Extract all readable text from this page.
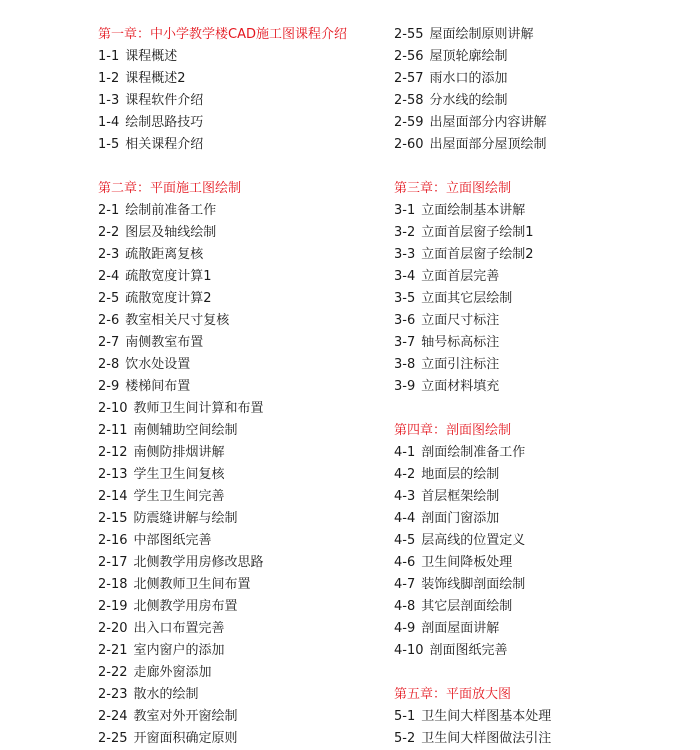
第一章：中小学教学楼CAD施工图课程介绍
1-1 课程概述
1-2 课程概述2
1-3 课程软件介绍
1-4 绘制思路技巧
1-5 相关课程介绍
第二章：平面施工图绘制
2-1 绘制前准备工作
2-2 图层及轴线绘制
2-3 疏散距离复核
2-4 疏散宽度计算1
2-5 疏散宽度计算2
2-6 教室相关尺寸复核
2-7 南侧教室布置
2-8 饮水处设置
2-9 楼梯间布置
2-10 教师卫生间计算和布置
2-11 南侧辅助空间绘制
2-12 南侧防排烟讲解
2-13 学生卫生间复核
2-14 学生卫生间完善
2-15 防震缝讲解与绘制
2-16 中部图纸完善
2-17 北侧教学用房修改思路
2-18 北侧教师卫生间布置
2-19 北侧教学用房布置
2-20 出入口布置完善
2-21 室内窗户的添加
2-22 走廊外窗添加
2-23 散水的绘制
2-24 教室对外开窗绘制
2-25 开窗面积确定原则
2-55 屋面绘制原则讲解
2-56 屋顶轮廓绘制
2-57 雨水口的添加
2-58 分水线的绘制
2-59 出屋面部分内容讲解
2-60 出屋面部分屋顶绘制
第三章：立面图绘制
3-1 立面绘制基本讲解
3-2 立面首层窗子绘制1
3-3 立面首层窗子绘制2
3-4 立面首层完善
3-5 立面其它层绘制
3-6 立面尺寸标注
3-7 轴号标高标注
3-8 立面引注标注
3-9 立面材料填充
第四章：剖面图绘制
4-1 剖面绘制准备工作
4-2 地面层的绘制
4-3 首层框架绘制
4-4 剖面门窗添加
4-5 层高线的位置定义
4-6 卫生间降板处理
4-7 装饰线脚剖面绘制
4-8 其它层剖面绘制
4-9 剖面屋面讲解
4-10 剖面图纸完善
第五章：平面放大图
5-1 卫生间大样图基本处理
5-2 卫生间大样图做法引注
